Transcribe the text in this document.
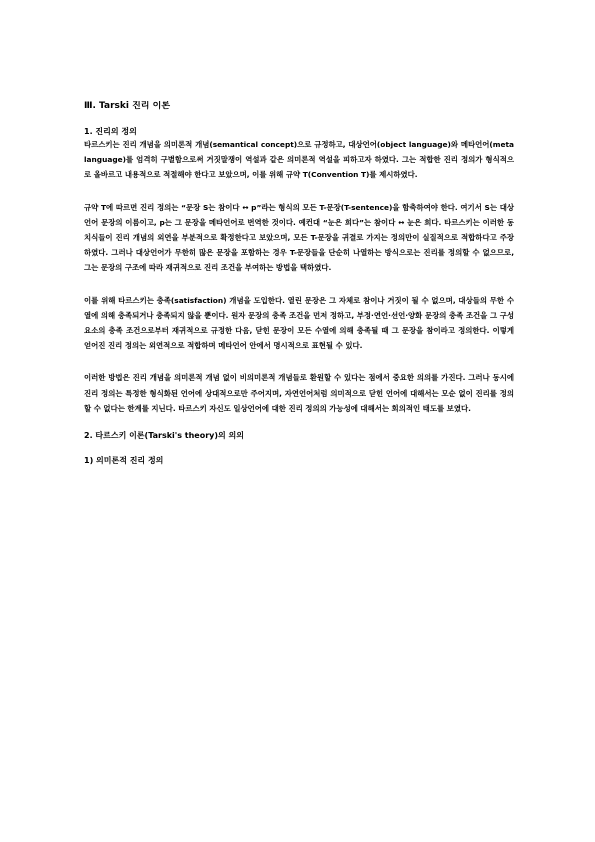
Ⅲ. Tarski 진리 이론
1. 진리의 정의

타르스키는 진리 개념을 의미론적 개념(semantical concept)으로 규정하고, 대상언어(object language)와 메타언어(metalanguage)를 엄격히 구별함으로써 거짓말쟁이 역설과 같은 의미론적 역설을 피하고자 하였다. 그는 적합한 진리 정의가 형식적으로 올바르고 내용적으로 적절해야 한다고 보았으며, 이를 위해 규약 T(Convention T)를 제시하였다.

규약 T에 따르면 진리 정의는 “문장 S는 참이다 ↔ p”라는 형식의 모든 T-문장(T-sentence)을 함축하여야 한다. 여기서 S는 대상언어 문장의 이름이고, p는 그 문장을 메타언어로 번역한 것이다. 예컨대 “눈은 희다”는 참이다 ↔ 눈은 희다. 타르스키는 이러한 동치식들이 진리 개념의 외연을 부분적으로 확정한다고 보았으며, 모든 T-문장을 귀결로 가지는 정의만이 실질적으로 적합하다고 주장하였다. 그러나 대상언어가 무한히 많은 문장을 포함하는 경우 T-문장들을 단순히 나열하는 방식으로는 진리를 정의할 수 없으므로, 그는 문장의 구조에 따라 재귀적으로 진리 조건을 부여하는 방법을 택하였다.

이를 위해 타르스키는 충족(satisfaction) 개념을 도입한다. 열린 문장은 그 자체로 참이나 거짓이 될 수 없으며, 대상들의 무한 수열에 의해 충족되거나 충족되지 않을 뿐이다. 원자 문장의 충족 조건을 먼저 정하고, 부정·연언·선언·양화 문장의 충족 조건을 그 구성 요소의 충족 조건으로부터 재귀적으로 규정한 다음, 닫힌 문장이 모든 수열에 의해 충족될 때 그 문장을 참이라고 정의한다. 이렇게 얻어진 진리 정의는 외연적으로 적합하며 메타언어 안에서 명시적으로 표현될 수 있다.

이러한 방법은 진리 개념을 의미론적 개념 없이 비의미론적 개념들로 환원할 수 있다는 점에서 중요한 의의를 가진다. 그러나 동시에 진리 정의는 특정한 형식화된 언어에 상대적으로만 주어지며, 자연언어처럼 의미적으로 닫힌 언어에 대해서는 모순 없이 진리를 정의할 수 없다는 한계를 지닌다. 타르스키 자신도 일상언어에 대한 진리 정의의 가능성에 대해서는 회의적인 태도를 보였다.

2. 타르스키 이론(Tarski's theory)의 의의
1) 의미론적 진리 정의
